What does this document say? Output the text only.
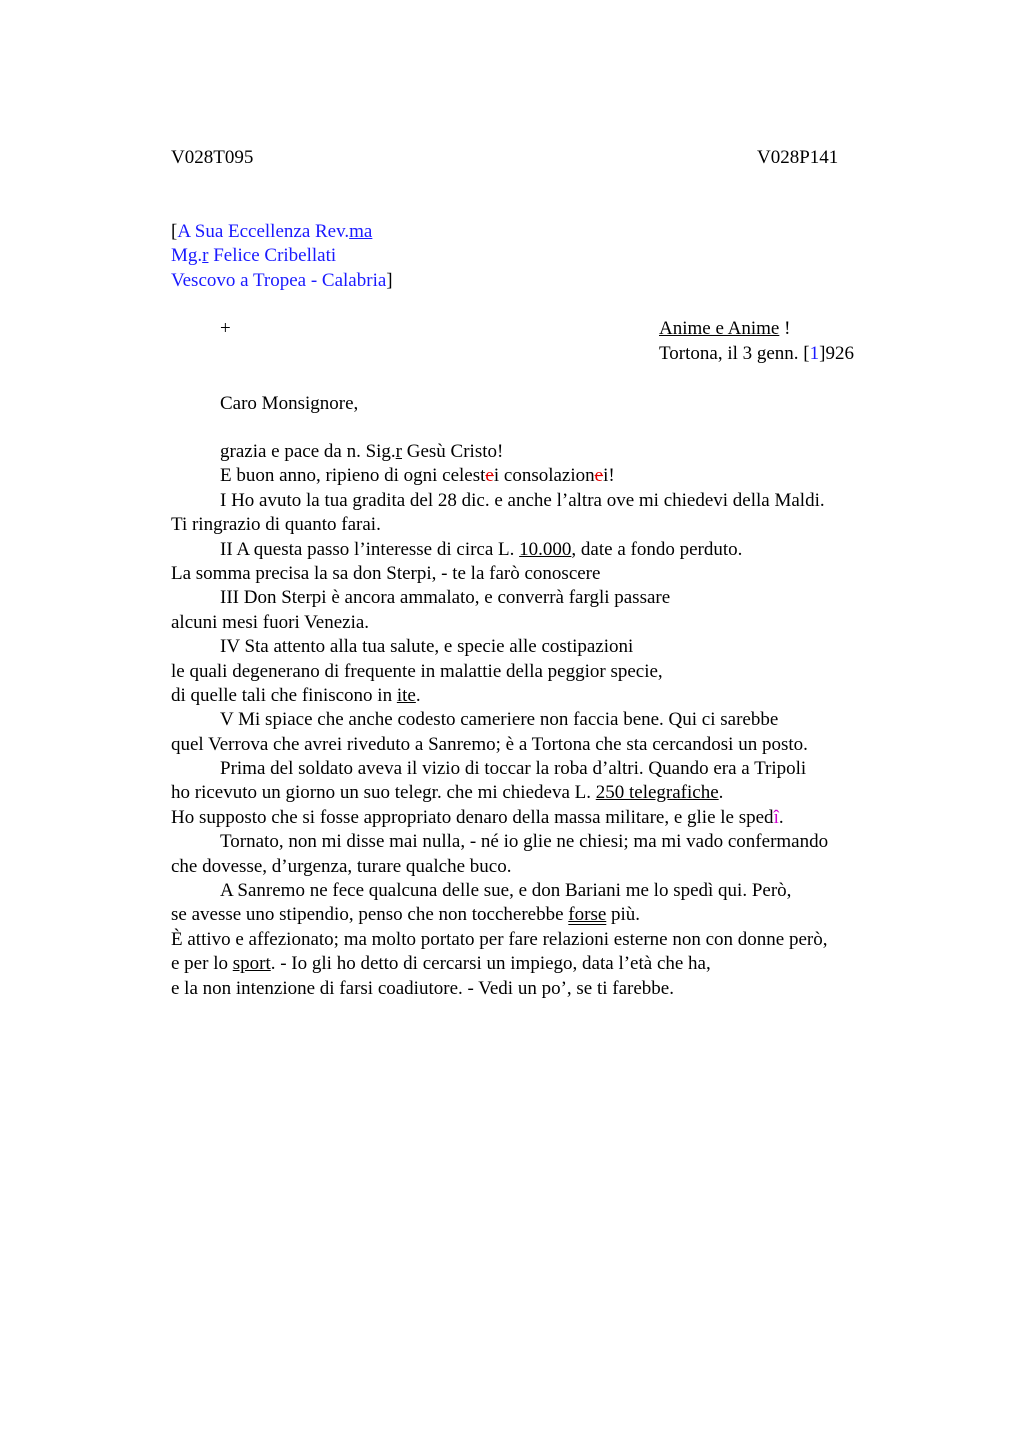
V028T095	V028P141
[A Sua Eccellenza Rev.ma
Mg.r Felice Cribellati
Vescovo a Tropea - Calabria]
+	Anime e Anime !
Tortona, il 3 genn. [1]926
Caro Monsignore,
grazia e pace da n. Sig.r Gesù Cristo!
E buon anno, ripieno di ogni celestei consolazionei!
I Ho avuto la tua gradita del 28 dic. e anche l’altra ove mi chiedevi della Maldi.
Ti ringrazio di quanto farai.
II A questa passo l’interesse di circa L. 10.000, date a fondo perduto.
La somma precisa la sa don Sterpi, - te la farò conoscere
III Don Sterpi è ancora ammalato, e converrà fargli passare
alcuni mesi fuori Venezia.
IV Sta attento alla tua salute, e specie alle costipazioni
le quali degenerano di frequente in malattie della peggior specie,
di quelle tali che finiscono in ite.
V Mi spiace che anche codesto cameriere non faccia bene. Qui ci sarebbe
quel Verrova che avrei riveduto a Sanremo; è a Tortona che sta cercandosi un posto.
Prima del soldato aveva il vizio di toccar la roba d’altri. Quando era a Tripoli
ho ricevuto un giorno un suo telegr. che mi chiedeva L. 250 telegrafiche.
Ho supposto che si fosse appropriato denaro della massa militare, e glie le spedî.
Tornato, non mi disse mai nulla, - né io glie ne chiesi; ma mi vado confermando
che dovesse, d’urgenza, turare qualche buco.
A Sanremo ne fece qualcuna delle sue, e don Bariani me lo spedì qui. Però,
se avesse uno stipendio, penso che non toccherebbe forse più.
È attivo e affezionato; ma molto portato per fare relazioni esterne non con donne però,
e per lo sport. - Io gli ho detto di cercarsi un impiego, data l’età che ha,
e la non intenzione di farsi coadiutore. - Vedi un po’, se ti farebbe.
